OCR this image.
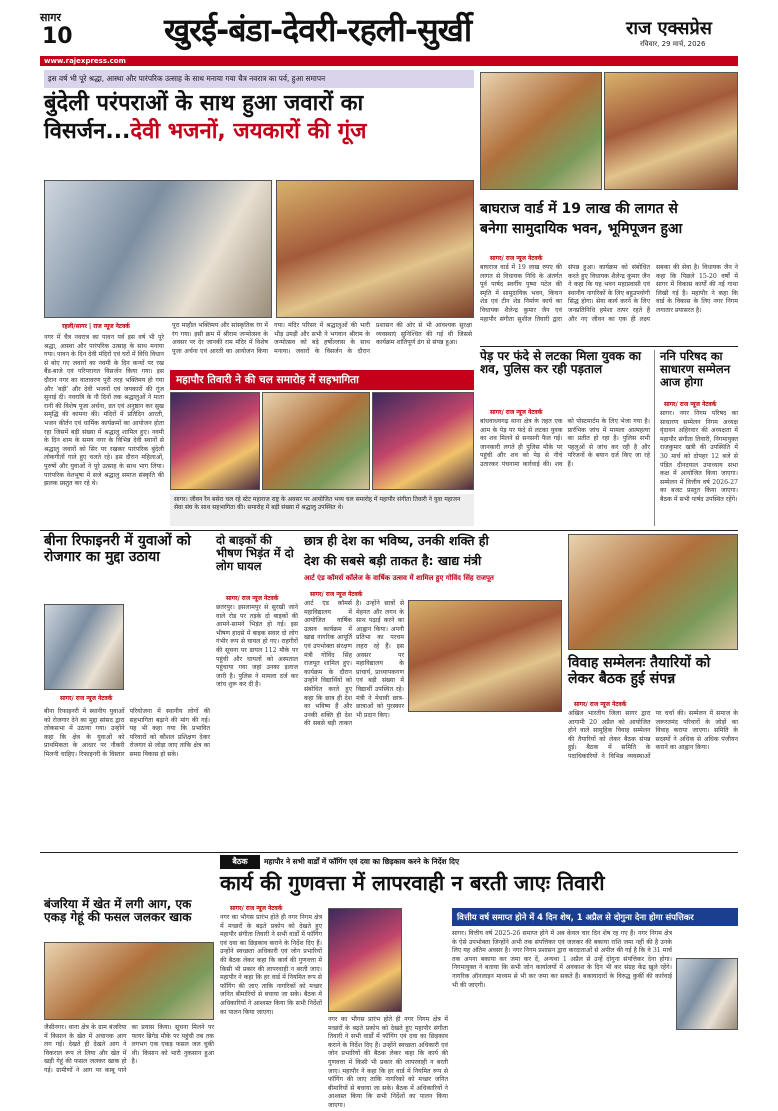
सागर
10	खुरई-बंडा-देवरी-रहली-सुर्खी	राज एक्सप्रेस
रविवार, 29 मार्च, 2026
www.rajexpress.com
इस वर्ष भी पूरे श्रद्धा, आस्था और पारंपरिक उत्साह के साथ मनाया गया चैत्र नवरात्र का पर्व, हुआ समापन
बुंदेली परंपराओं के साथ हुआ जवारों का
विसर्जन...देवी भजनों, जयकारों की गूंज
रहली/सागर | राज न्यूज नेटवर्क
नगर में चैत्र नवरात्र का पावन पर्व इस वर्ष भी पूरे श्रद्धा, आस्था और पारंपरिक उत्साह के साथ मनाया गया। पावन के दिन देवी मंदिरों एवं घरों में विधि विधान से बोए गए जवारों का नवमी के दिन कन्‍यों पर रख बैंड-बाजे एवं परिपरागत विसर्जन किया गया। इस दौरान नगर का वातावरण पूरी तरह भक्तिमय हो गया और 'बड़ी' और देवी भजनों एवं जयकारों की गूंज सुनाई दी। नवरात्रि के नौ दिनों तक श्रद्धालुओं ने माता रानी की विशेष पूजा अर्चना, व्रत एवं अनुष्ठान कर सुख समृद्धि की कामना की। मंदिरों में प्रतिदिन आरती, भजन कीर्तन एवं धार्मिक कार्यक्रमों का आयोजन होता रहा जिसमें बड़ी संख्या में श्रद्धालु शामिल हुए। नवमी के दिन शाम के समय नगर के विभिन्न देवी स्थानों से श्रद्धालु जवारों को सिर पर रखकर पारंपरिक बुंदेली लोकगीतों गाते हुए चलते रहे। इस दौरान महिलाओं, पुरुषों और युवाओं ने पूरे उत्साह के साथ भाग लिया। पारंपरिक वेशभूषा में सजे श्रद्धालु समाज संस्कृति की झलक प्रस्तुत कर रहे थे।
पूरा माहौल भक्तिमय और सांस्कृतिक रंग में रंग गया। इसी क्रम में श्रीराम जन्मोत्सव के अवसर पर देर जानकी राम मंदिर में विशेष पूजा अर्चना एवं आरती का आयोजन किया गया। मंदिर परिसर में श्रद्धालुओं की भारी भीड़ उमड़ी और सभी ने भगवान श्रीराम के जन्मोत्सव को बड़े हर्षोल्लास के साथ मनाया। जवारों के विसर्जन के दौरान प्रशासन की ओर से भी आवश्यक सुरक्षा व्यवस्थाएं सुनिश्चित की गई थी जिससे कार्यक्रम शांतिपूर्ण ढंग से संपन्न हुआ।
महापौर तिवारी ने की चल समारोह में सहभागिता
सागर। जीवन रैन बसेरा चल रहे स्टेट महाराज राष्ट्र के अवसर पर आयोजित भव्य चल समारोह में महापौर संगीता तिवारी ने युवा महाजन सेवा संघ के साथ सहभागिता की। समारोह में बड़ी संख्या में श्रद्धालु उपस्थित थे।
बाघराज वार्ड में 19 लाख की लागत से
बनेगा सामुदायिक भवन, भूमिपूजन हुआ
सागर/ राज न्यूज नेटवर्क
बाघराज वार्ड में 19 लाख रुपए की लागत से विधायक निधि के अंतर्गत पूर्व पार्षद स्वर्गीय पुष्पा पटेल की स्मृति में सामुदायिक भवन, किचन शेड एवं टीन शेड निर्माण कार्य का विधायक शैलेन्द्र कुमार जैन एवं महापौर संगीता सुशील तिवारी द्वारा संपन्न हुआ। कार्यक्रम को संबोधित करते हुए विधायक शैलेन्द्र कुमार जैन ने कहा कि यह भवन महाप्रवासी एवं स्थानीय नागरिकों के लिए बहुउपयोगी सिद्ध होगा। सेवा कार्य करने के लिए जनप्रतिनिधि हमेशा तत्पर रहते हैं और नए जीवन का एक ही लक्ष्य सबका की सेवा है। विधायक जैन ने कहा कि पिछले 15-20 वर्षों में सागर में विकास कार्यों की नई गाथा लिखी गई है। महापौर ने कहा कि वार्ड के विकास के लिए नगर निगम लगातार प्रयासरत है।
पेड़ पर फंदे से लटका मिला युवक का शव, पुलिस कर रही पड़ताल
सागर/ राज न्यूज नेटवर्क
बांधवाधवगढ़ थाना क्षेत्र के तहत एक आम के पेड़ पर फंदे से लटका युवक का शव मिलने से सनसनी फैल गई। जानकारी लगते ही पुलिस मौके पर पहुंची और शव को पेड़ से नीचे उतारकर पंचनामा कार्रवाई की। शव को पोस्टमार्टम के लिए भेजा गया है। प्रारंभिक जांच में मामला आत्महत्या का प्रतीत हो रहा है। पुलिस सभी पहलुओं से जांच कर रही है और परिजनों के बयान दर्ज किए जा रहे हैं।
ननि परिषद का साधारण सम्मेलन आज होगा
सागर/ राज न्यूज नेटवर्क
सागर। नगर निगम परिषद का साधारण सम्मेलन निगम अध्यक्ष वृंदावन अहिरवार की अध्यक्षता में महापौर संगीता तिवारी, निगमायुक्त राजकुमार खत्री की उपस्थिति में 30 मार्च को दोपहर 12 बजे से पंडित दीनदयाल उपाध्याय सभा कक्ष में आयोजित किया जाएगा। सम्मेलन में वित्तीय वर्ष 2026-27 का बजट प्रस्तुत किया जाएगा। बैठक में सभी पार्षद उपस्थित रहेंगे।
बीना रिफाइनरी में युवाओं को रोजगार का मुद्दा उठाया
बीना रिफाइनरी में स्थानीय युवाओं को रोजगार देने का मुद्दा सांसद द्वारा लोकसभा में उठाया गया। उन्होंने कहा कि क्षेत्र के युवाओं को प्राथमिकता के आधार पर नौकरी मिलनी चाहिए। रिफाइनरी के विस्तार परियोजना में स्थानीय लोगों की सहभागिता बढ़ाने की मांग की गई। यह भी कहा गया कि प्रभावित परिवारों को कौशल प्रशिक्षण देकर रोजगार से जोड़ा जाए ताकि क्षेत्र का समग्र विकास हो सके।
सागर/ राज न्यूज नेटवर्क
दो बाइकों की भीषण भिड़ंत में दो लोग घायल
सागर/ राज न्यूज नेटवर्क
छतरपुर। इसलामपुर से सुरखी जाने वाले रोड पर तड़के दो बाइकों की आमने-सामने भिड़ंत हो गई। इस भीषण हादसे में बाइक सवार दो लोग गंभीर रूप से घायल हो गए। राहगीरों की सूचना पर डायल 112 मौके पर पहुंची और घायलों को अस्पताल पहुंचाया गया जहां उनका इलाज जारी है। पुलिस ने मामला दर्ज कर जांच शुरू कर दी है।
छात्र ही देश का भविष्य, उनकी शक्ति ही
देश की सबसे बड़ी ताकत है: खाद्य मंत्री
आर्ट एंड कॉमर्स कॉलेज के वार्षिक उत्सव में शामिल हुए गोविंद सिंह राजपूत
सागर/ राज न्यूज नेटवर्क
आर्ट एंड कॉमर्स महाविद्यालय में आयोजित वार्षिक उत्सव कार्यक्रम में खाद्य नागरिक आपूर्ति एवं उपभोक्ता संरक्षण मंत्री गोविंद सिंह राजपूत शामिल हुए। कार्यक्रम के दौरान उन्होंने विद्यार्थियों को संबोधित करते हुए कहा कि छात्र ही देश का भविष्य हैं और उनकी शक्ति ही देश की सबसे बड़ी ताकत है। उन्होंने छात्रों से मेहनत और लगन के साथ पढ़ाई करने का आह्वान किया। अपनी प्रतिभा का परचम लहरा रहे हैं। इस अवसर पर महाविद्यालय के प्राचार्य, प्राध्यापकगण एवं बड़ी संख्या में विद्यार्थी उपस्थित रहे। मंत्री ने मेधावी छात्र-छात्राओं को पुरस्कार भी प्रदान किए।
विवाह सम्मेलनः तैयारियों को लेकर बैठक हुई संपन्न
सागर/ राज न्यूज नेटवर्क
अखिल भारतीय जिला सागर द्वारा आगामी 20 अप्रैल को आयोजित होने वाले सामूहिक विवाह सम्मेलन की तैयारियों को लेकर बैठक संपन्न हुई। बैठक में समिति के पदाधिकारियों ने विभिन्न व्यवस्थाओं पर चर्चा की। सम्मेलन में समाज के जरूरतमंद परिवारों के जोड़ों का विवाह कराया जाएगा। समिति के सदस्यों ने अधिक से अधिक पंजीयन कराने का आह्वान किया।
बैठक	महापौर ने सभी वार्डों में फॉगिंग एवं दवा का छिड़काव करने के निर्देश दिए
कार्य की गुणवत्ता में लापरवाही न बरती जाएः तिवारी
बंजरिया में खेत में लगी आग, एक एकड़ गेहूं की फसल जलकर खाक
जैसीनगर। थाना क्षेत्र के ग्राम बंजरिया में किसान के खेत में अचानक आग लग गई। देखते ही देखते आग ने विकराल रूप ले लिया और खेत में खड़ी गेहूं की फसल जलकर खाक हो गई। ग्रामीणों ने आग पर काबू पाने का प्रयास किया। सूचना मिलने पर फायर ब्रिगेड मौके पर पहुंची तब तक लगभग एक एकड़ फसल जल चुकी थी। किसान को भारी नुकसान हुआ है।
सागर/ राज न्यूज नेटवर्क
नगर का भौगस प्रारंभ होते ही नगर निगम क्षेत्र में मच्छरों के बढ़ते प्रकोप को देखते हुए महापौर संगीता तिवारी ने सभी वार्डों में फॉगिंग एवं दवा का छिड़काव कराने के निर्देश दिए हैं। उन्होंने स्वच्छता अधिकारी एवं जोन प्रभारियों की बैठक लेकर कहा कि कार्य की गुणवत्ता में किसी भी प्रकार की लापरवाही न बरती जाए। महापौर ने कहा कि हर वार्ड में नियमित रूप से फॉगिंग की जाए ताकि नागरिकों को मच्छर जनित बीमारियों से बचाया जा सके। बैठक में अधिकारियों ने आश्वस्त किया कि सभी निर्देशों का पालन किया जाएगा।
नगर का भौगस प्रारंभ होते ही नगर निगम क्षेत्र में मच्छरों के बढ़ते प्रकोप को देखते हुए महापौर संगीता तिवारी ने सभी वार्डों में फॉगिंग एवं दवा का छिड़काव कराने के निर्देश दिए हैं। उन्होंने स्वच्छता अधिकारी एवं जोन प्रभारियों की बैठक लेकर कहा कि कार्य की गुणवत्ता में किसी भी प्रकार की लापरवाही न बरती जाए। महापौर ने कहा कि हर वार्ड में नियमित रूप से फॉगिंग की जाए ताकि नागरिकों को मच्छर जनित बीमारियों से बचाया जा सके। बैठक में अधिकारियों ने आश्वस्त किया कि सभी निर्देशों का पालन किया जाएगा।
वित्तीय वर्ष समाप्त होने में 4 दिन शेष, 1 अप्रैल से दोगुना देना होगा संपत्तिकर
सागर। वित्तीय वर्ष 2025-26 समाप्त होने में अब केवल चार दिन शेष रह गए हैं। नगर निगम क्षेत्र के ऐसे उपभोक्ता जिन्होंने अभी तक संपत्तिकर एवं जलकर की बकाया राशि जमा नहीं की है उनके लिए यह अंतिम अवसर है। नगर निगम प्रशासन द्वारा करदाताओं से अपील की गई है कि वे 31 मार्च तक अपना बकाया कर जमा कर दें, अन्यथा 1 अप्रैल से उन्हें दोगुना संपत्तिकर देना होगा। निगमायुक्त ने बताया कि सभी जोन कार्यालयों में अवकाश के दिन भी कर संग्रह केंद्र खुले रहेंगे। नागरिक ऑनलाइन माध्यम से भी कर जमा कर सकते हैं। बकायादारों के विरुद्ध कुर्की की कार्रवाई भी की जाएगी।
